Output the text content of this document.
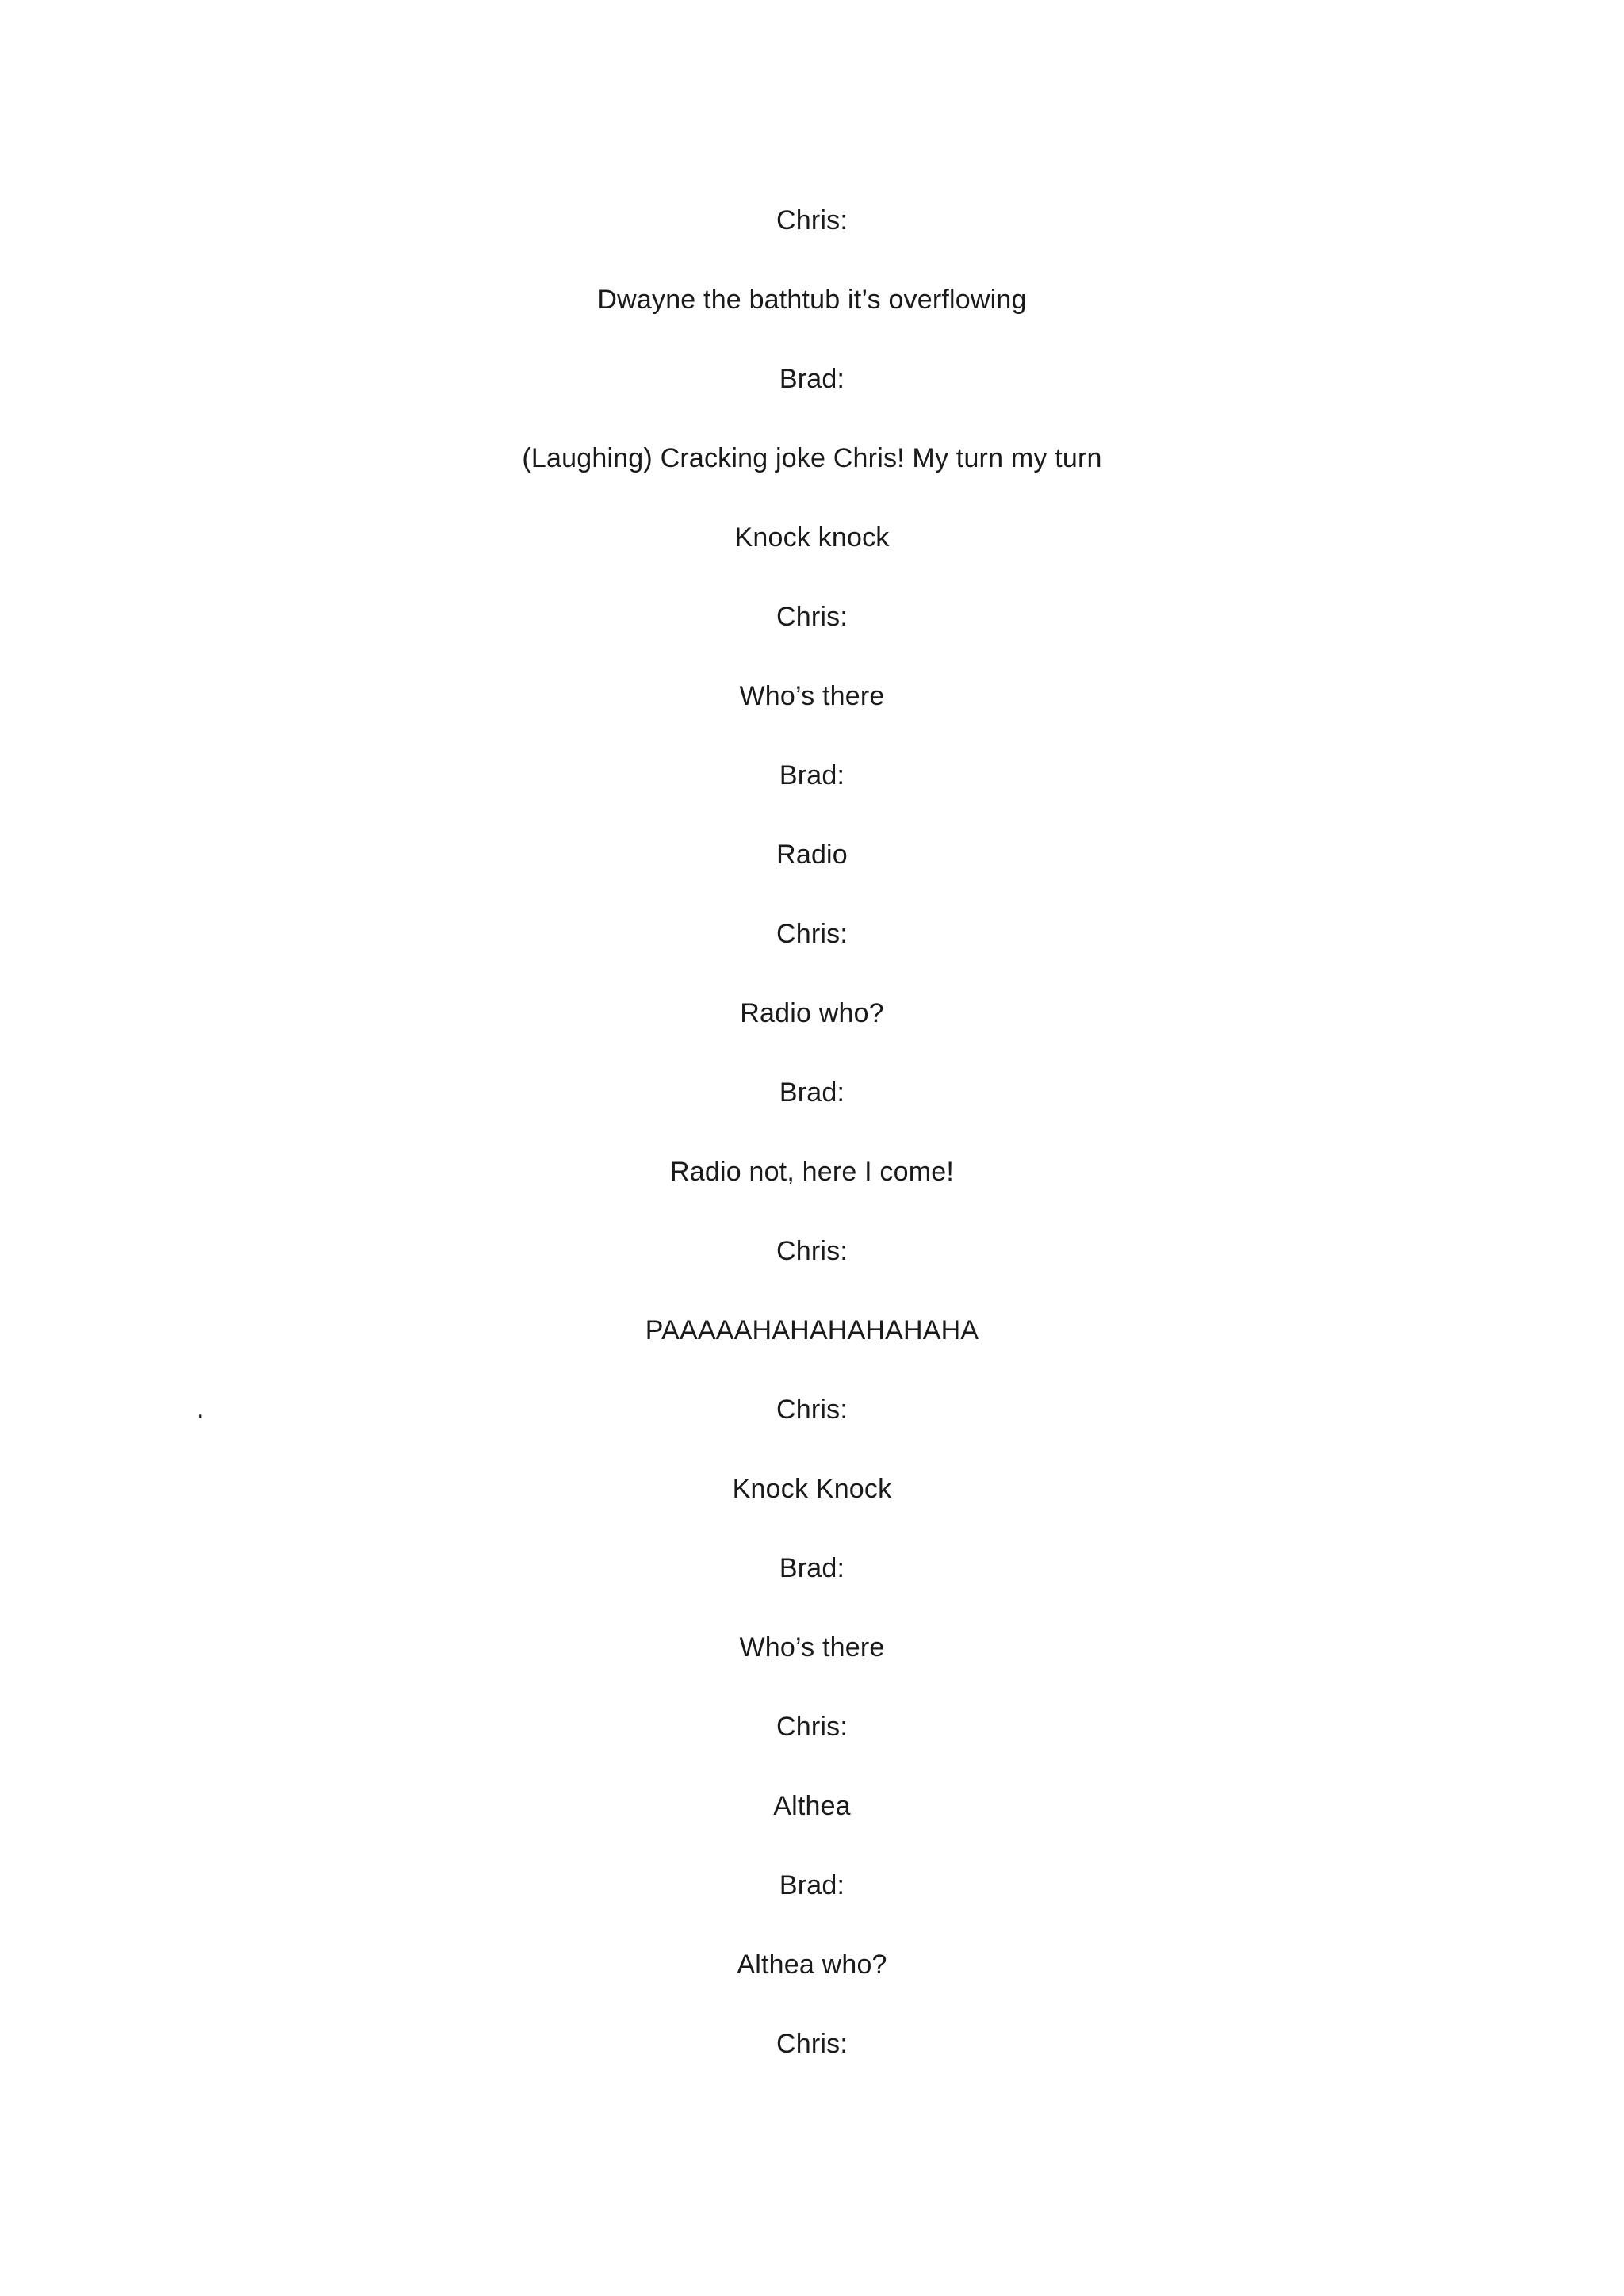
Chris:
Dwayne the bathtub it’s overflowing
Brad:
(Laughing) Cracking joke Chris! My turn my turn
Knock knock
Chris:
Who’s there
Brad:
Radio
Chris:
Radio who?
Brad:
Radio not, here I come!
Chris:
PAAAAAHAHAHAHAHAHA
Chris:
Knock Knock
Brad:
Who’s there
Chris:
Althea
Brad:
Althea who?
Chris:
.
